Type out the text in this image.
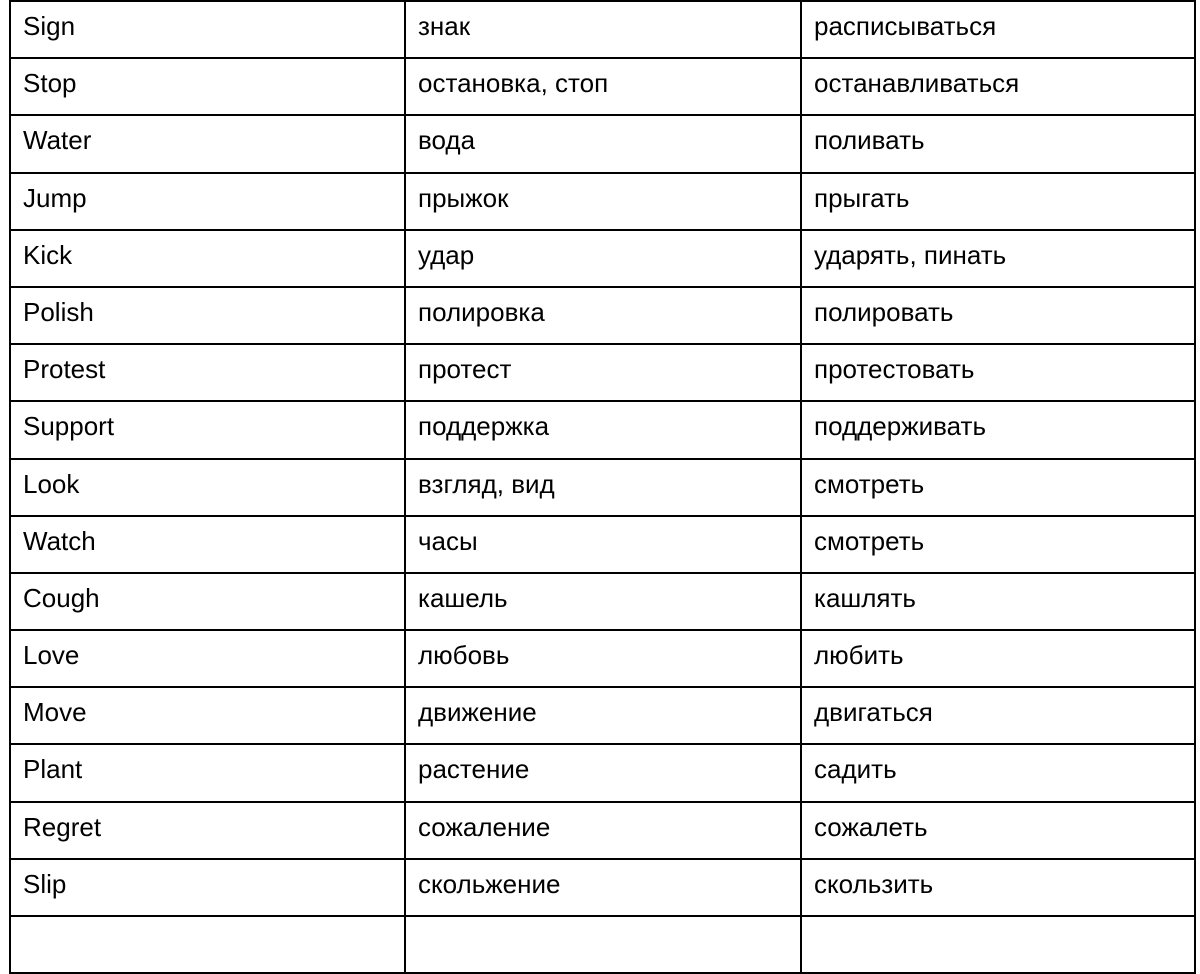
Sign	знак	расписываться
Stop	остановка, стоп	останавливаться
Water	вода	поливать
Jump	прыжок	прыгать
Kick	удар	ударять, пинать
Polish	полировка	полировать
Protest	протест	протестовать
Support	поддержка	поддерживать
Look	взгляд, вид	смотреть
Watch	часы	смотреть
Cough	кашель	кашлять
Love	любовь	любить
Move	движение	двигаться
Plant	растение	садить
Regret	сожаление	сожалеть
Slip	скольжение	скользить
